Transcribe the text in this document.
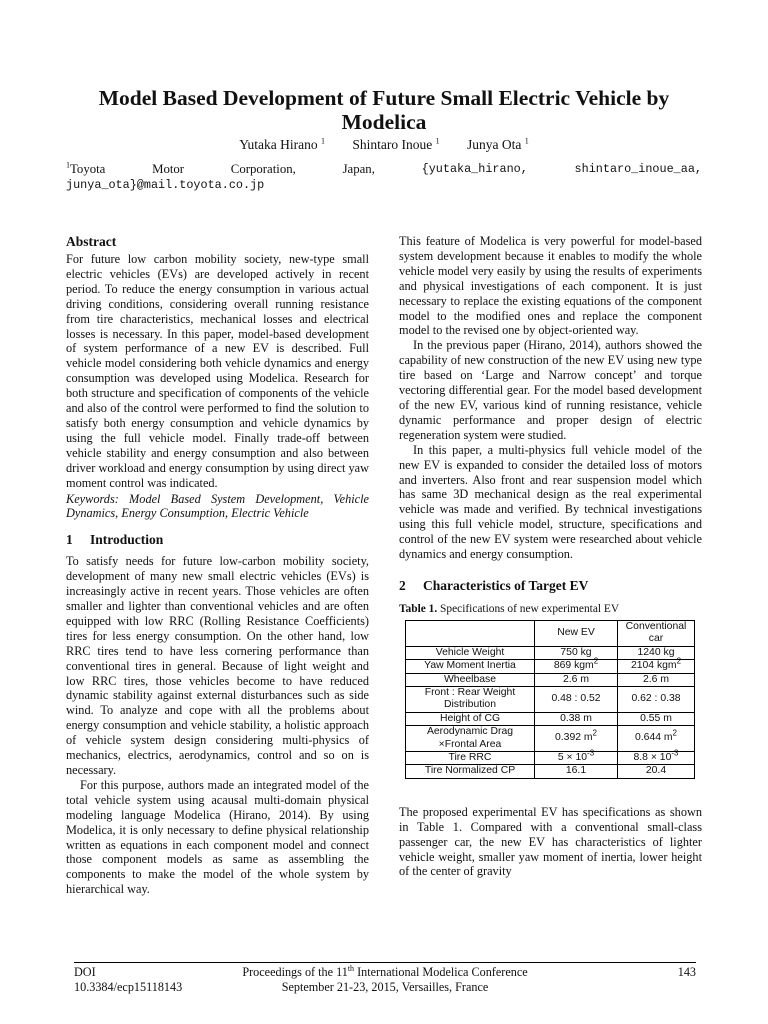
Model Based Development of Future Small Electric Vehicle by Modelica
Yutaka Hirano $^1$ Shintaro Inoue $^1$ Junya Ota $^1$
$^1$Toyota	Motor	Corporation,	Japan,	{yutaka_hirano,	shintaro_inoue_aa,
junya_ota}@mail.toyota.co.jp
Abstract

For future low carbon mobility society, new-type small electric vehicles (EVs) are developed actively in recent period. To reduce the energy consumption in various actual driving conditions, considering overall running resistance from tire characteristics, mechanical losses and electrical losses is necessary. In this paper, model-based development of system performance of a new EV is described. Full vehicle model considering both vehicle dynamics and energy consumption was developed using Modelica. Research for both structure and specification of components of the vehicle and also of the control were performed to find the solution to satisfy both energy consumption and vehicle dynamics by using the full vehicle model. Finally trade-off between vehicle stability and energy consumption and also between driver workload and energy consumption by using direct yaw moment control was indicated.

Keywords: Model Based System Development, Vehicle Dynamics, Energy Consumption, Electric Vehicle

1 Introduction

To satisfy needs for future low-carbon mobility society, development of many new small electric vehicles (EVs) is increasingly active in recent years. Those vehicles are often smaller and lighter than conventional vehicles and are often equipped with low RRC (Rolling Resistance Coefficients) tires for less energy consumption. On the other hand, low RRC tires tend to have less cornering performance than conventional tires in general. Because of light weight and low RRC tires, those vehicles become to have reduced dynamic stability against external disturbances such as side wind. To analyze and cope with all the problems about energy consumption and vehicle stability, a holistic approach of vehicle system design considering multi-physics of mechanics, electrics, aerodynamics, control and so on is necessary.

For this purpose, authors made an integrated model of the total vehicle system using acausal multi-domain physical modeling language Modelica (Hirano, 2014). By using Modelica, it is only necessary to define physical relationship written as equations in each component model and connect those component models as same as assembling the components to make the model of the whole system by hierarchical way.

This feature of Modelica is very powerful for model-based system development because it enables to modify the whole vehicle model very easily by using the results of experiments and physical investigations of each component. It is just necessary to replace the existing equations of the component model to the modified ones and replace the component model to the revised one by object-oriented way.

In the previous paper (Hirano, 2014), authors showed the capability of new construction of the new EV using new type tire based on ‘Large and Narrow concept’ and torque vectoring differential gear. For the model based development of the new EV, various kind of running resistance, vehicle dynamic performance and proper design of electric regeneration system were studied.

In this paper, a multi-physics full vehicle model of the new EV is expanded to consider the detailed loss of motors and inverters. Also front and rear suspension model which has same 3D mechanical design as the real experimental vehicle was made and verified. By technical investigations using this full vehicle model, structure, specifications and control of the new EV system were researched about vehicle dynamics and energy consumption.

2 Characteristics of Target EV

Table 1. Specifications of new experimental EV

	New EV	Conventional car
Vehicle Weight	750 kg	1240 kg
Yaw Moment Inertia	869 kgm$^2$	2104 kgm$^2$
Wheelbase	2.6 m	2.6 m
Front : Rear Weight Distribution	0.48 : 0.52	0.62 : 0.38
Height of CG	0.38 m	0.55 m
Aerodynamic Drag ×Frontal Area	0.392 $m^2$	0.644 $m^2$
Tire RRC	$5 \times 10^{-3}$	$8.8 \times 10^{-3}$
Tire Normalized CP	16.1	20.4

The proposed experimental EV has specifications as shown in Table 1. Compared with a conventional small-class passenger car, the new EV has characteristics of lighter vehicle weight, smaller yaw moment of inertia, lower height of the center of gravity

DOI
10.3384/ecp15118143
Proceedings of the 11th International Modelica Conference
September 21-23, 2015, Versailles, France
143
